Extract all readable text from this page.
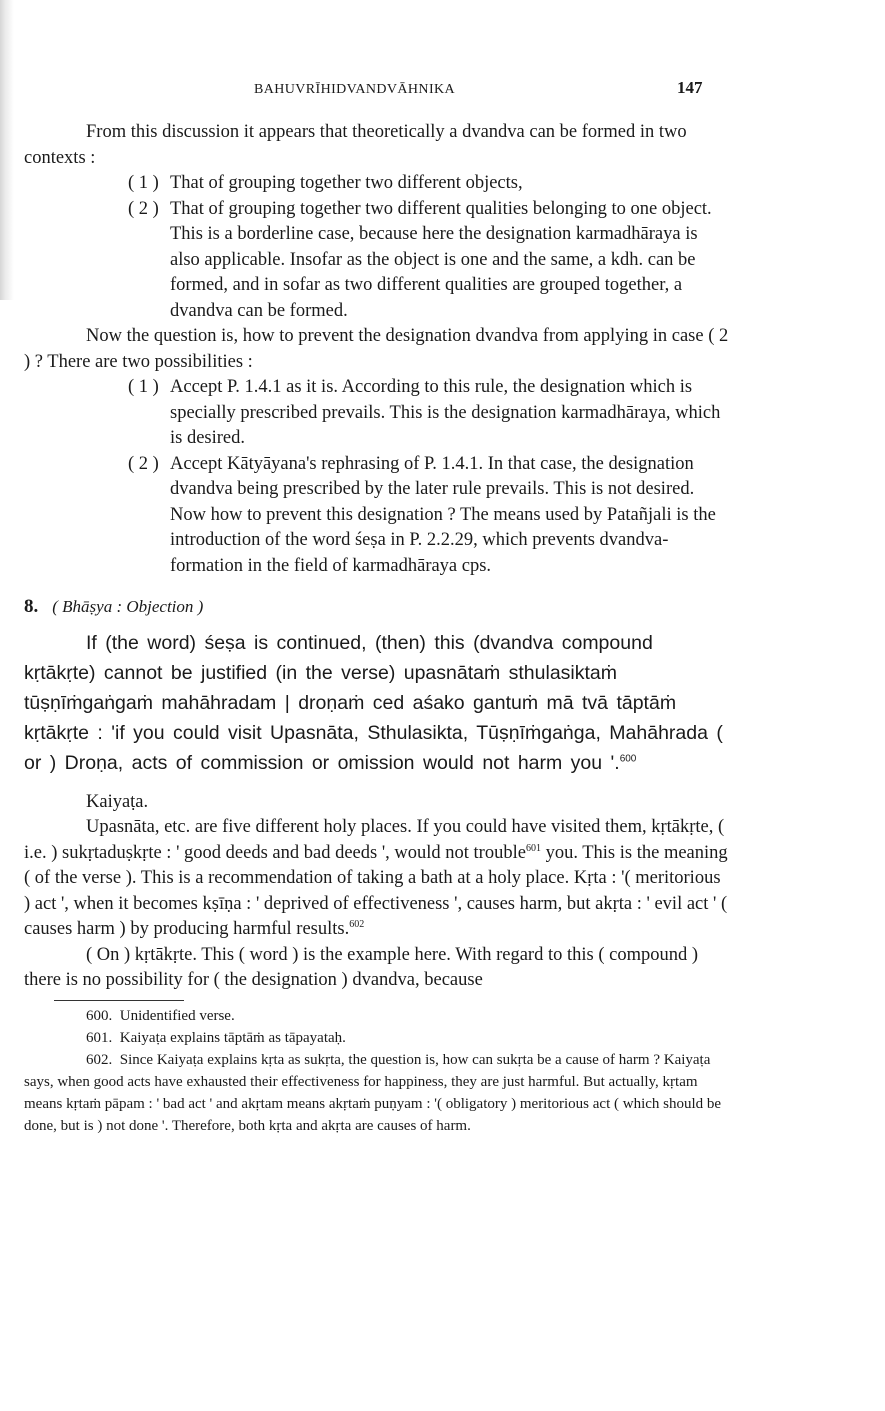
BAHUVRĪHIDVANDVĀHNIKA	147

From this discussion it appears that theoretically a dvandva can be formed in two contexts :

( 1 ) That of grouping together two different objects,
( 2 ) That of grouping together two different qualities belonging to one object. This is a borderline case, because here the designation karmadhāraya is also applicable. Insofar as the object is one and the same, a kdh. can be formed, and in sofar as two different qualities are grouped together, a dvandva can be formed.

Now the question is, how to prevent the designation dvandva from applying in case ( 2 ) ? There are two possibilities :

( 1 ) Accept P. 1.4.1 as it is. According to this rule, the designation which is specially prescribed prevails. This is the designation karmadhāraya, which is desired.
( 2 ) Accept Kātyāyana's rephrasing of P. 1.4.1. In that case, the designation dvandva being prescribed by the later rule prevails. This is not desired. Now how to prevent this designation ? The means used by Patañjali is the introduction of the word śeṣa in P. 2.2.29, which prevents dvandva-formation in the field of karmadhāraya cps.
8. ( Bhāṣya : Objection )

If (the word) śeṣa is continued, (then) this (dvandva compound kṛtākṛte) cannot be justified (in the verse) upasnātaṁ sthulasiktaṁ tūṣṇīṁgaṅgaṁ mahāhradam | droṇaṁ ced aśako gantuṁ mā tvā tāptāṁ kṛtākṛte : 'if you could visit Upasnāta, Sthulasikta, Tūṣṇīṁgaṅga, Mahāhrada ( or ) Droṇa, acts of commission or omission would not harm you '.$^{600}$

Kaiyaṭa.

Upasnāta, etc. are five different holy places. If you could have visited them, kṛtākṛte, ( i.e. ) sukṛtaduṣkṛte : ' good deeds and bad deeds ', would not trouble$^{601}$ you. This is the meaning ( of the verse ). This is a recommendation of taking a bath at a holy place. Kṛta : '( meritorious ) act ', when it becomes kṣīṇa : ' deprived of effectiveness ', causes harm, but akṛta : ' evil act ' ( causes harm ) by producing harmful results.$^{602}$

( On ) kṛtākṛte. This ( word ) is the example here. With regard to this ( compound ) there is no possibility for ( the designation ) dvandva, because

600. Unidentified verse.

601. Kaiyaṭa explains tāptāṁ as tāpayataḥ.

602. Since Kaiyaṭa explains kṛta as sukṛta, the question is, how can sukṛta be a cause of harm ? Kaiyaṭa says, when good acts have exhausted their effectiveness for happiness, they are just harmful. But actually, kṛtam means kṛtaṁ pāpam : ' bad act ' and akṛtam means akṛtaṁ puṇyam : '( obligatory ) meritorious act ( which should be done, but is ) not done '. Therefore, both kṛta and akṛta are causes of harm.
